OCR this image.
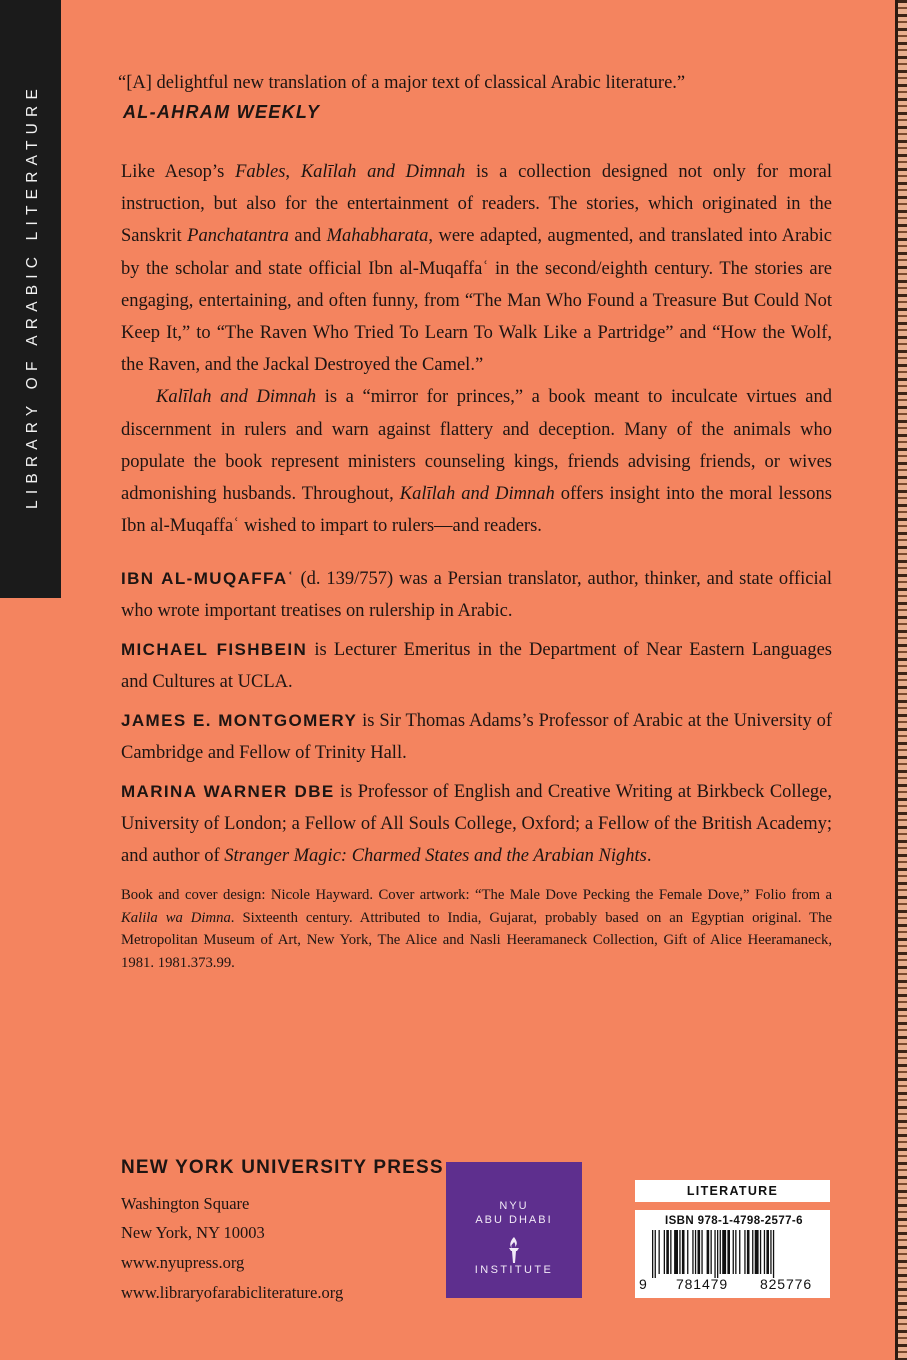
LIBRARY OF ARABIC LITERATURE

“[A] delightful new translation of a major text of classical Arabic literature.”

AL-AHRAM WEEKLY

Like Aesop’s Fables, Kalīlah and Dimnah is a collection designed not only for moral instruction, but also for the entertainment of readers. The stories, which originated in the Sanskrit Panchatantra and Mahabharata, were adapted, augmented, and translated into Arabic by the scholar and state official Ibn al-Muqaffaʿ in the second/eighth century. The stories are engaging, entertaining, and often funny, from “The Man Who Found a Treasure But Could Not Keep It,” to “The Raven Who Tried To Learn To Walk Like a Partridge” and “How the Wolf, the Raven, and the Jackal Destroyed the Camel.”

Kalīlah and Dimnah is a “mirror for princes,” a book meant to inculcate virtues and discernment in rulers and warn against flattery and deception. Many of the animals who populate the book represent ministers counseling kings, friends advising friends, or wives admonishing husbands. Throughout, Kalīlah and Dimnah offers insight into the moral lessons Ibn al-Muqaffaʿ wished to impart to rulers—and readers.

IBN AL-MUQAFFAʿ (d. 139/757) was a Persian translator, author, thinker, and state official who wrote important treatises on rulership in Arabic.

MICHAEL FISHBEIN is Lecturer Emeritus in the Department of Near Eastern Languages and Cultures at UCLA.

JAMES E. MONTGOMERY is Sir Thomas Adams’s Professor of Arabic at the University of Cambridge and Fellow of Trinity Hall.

MARINA WARNER DBE is Professor of English and Creative Writing at Birkbeck College, University of London; a Fellow of All Souls College, Oxford; a Fellow of the British Academy; and author of Stranger Magic: Charmed States and the Arabian Nights.

Book and cover design: Nicole Hayward. Cover artwork: “The Male Dove Pecking the Female Dove,” Folio from a Kalila wa Dimna. Sixteenth century. Attributed to India, Gujarat, probably based on an Egyptian original. The Metropolitan Museum of Art, New York, The Alice and Nasli Heeramaneck Collection, Gift of Alice Heeramaneck, 1981. 1981.373.99.

NEW YORK UNIVERSITY PRESS
Washington Square
New York, NY 10003
www.nyupress.org
www.libraryofarabicliterature.org
NYU
ABU DHABI
INSTITUTE
LITERATURE
ISBN 978-1-4798-2577-6
9	781479	825776
